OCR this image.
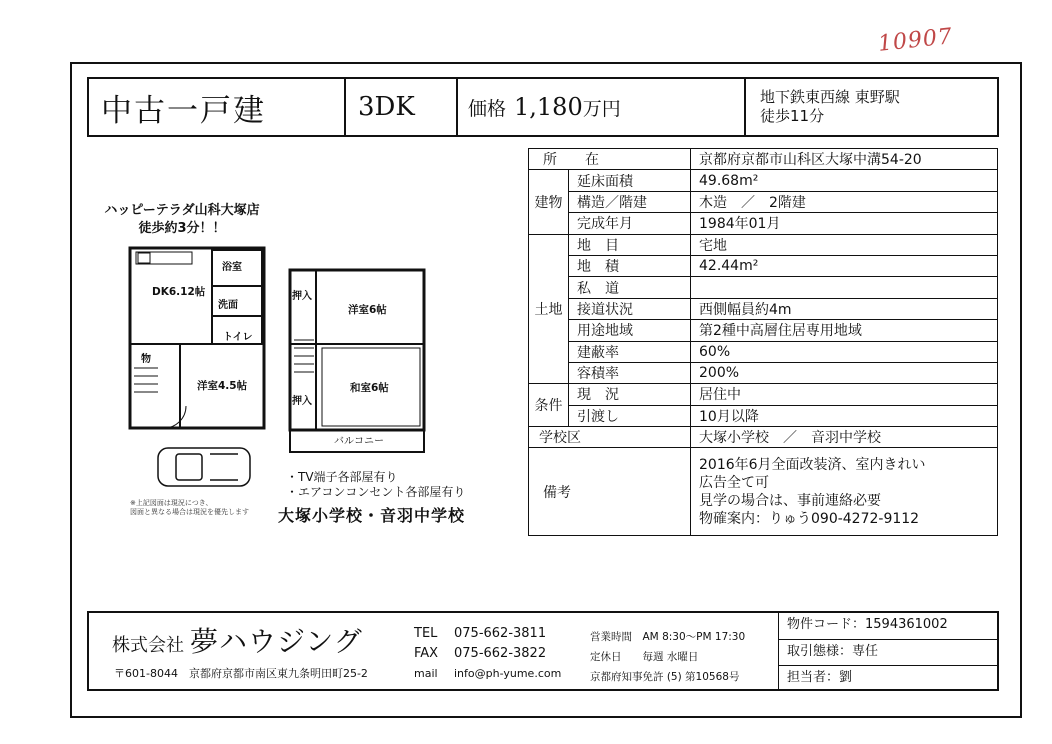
10907
中古一戸建	3DK	価格 1,180 万円
地下鉄東西線 東野駅
徒歩11分
所　　在		京都府京都市山科区大塚中溝54-20
建物	延床面積	49.68m²
	構造／階建	木造　／　2階建
	完成年月	1984年01月
土地	地　目	宅地
	地　積	42.44m²
	私　道	
	接道状況	西側幅員約4m
	用途地域	第2種中高層住居専用地域
	建蔽率	60%
	容積率	200%
条件	現　況	居住中
	引渡し	10月以降
学校区		大塚小学校　／　音羽中学校
備考		2016年6月全面改装済、室内きれい
広告全て可
見学の場合は、事前連絡必要
物確案内：りゅう090-4272-9112
ハッピーテラダ山科大塚店
徒歩約3分！！
DK6.12帖
浴室
洗面
トイレ
物
洋室4.5帖
押入
押入
洋室6帖
和室6帖
バルコニー
・TV端子各部屋有り
・エアコンコンセント各部屋有り
※上記図面は現況につき、
図面と異なる場合は現況を優先します 大塚小学校・音羽中学校
株式会社 夢ハウジング
〒601-8044　京都府京都市南区東九条明田町25-2
TEL 075-662-3811
FAX 075-662-3822
mail info@ph-yume.com
営業時間　AM 8:30〜PM 17:30
定休日　　毎週 水曜日
京都府知事免許 (5) 第10568号
物件コード：1594361002
取引態様：専任
担当者：劉
